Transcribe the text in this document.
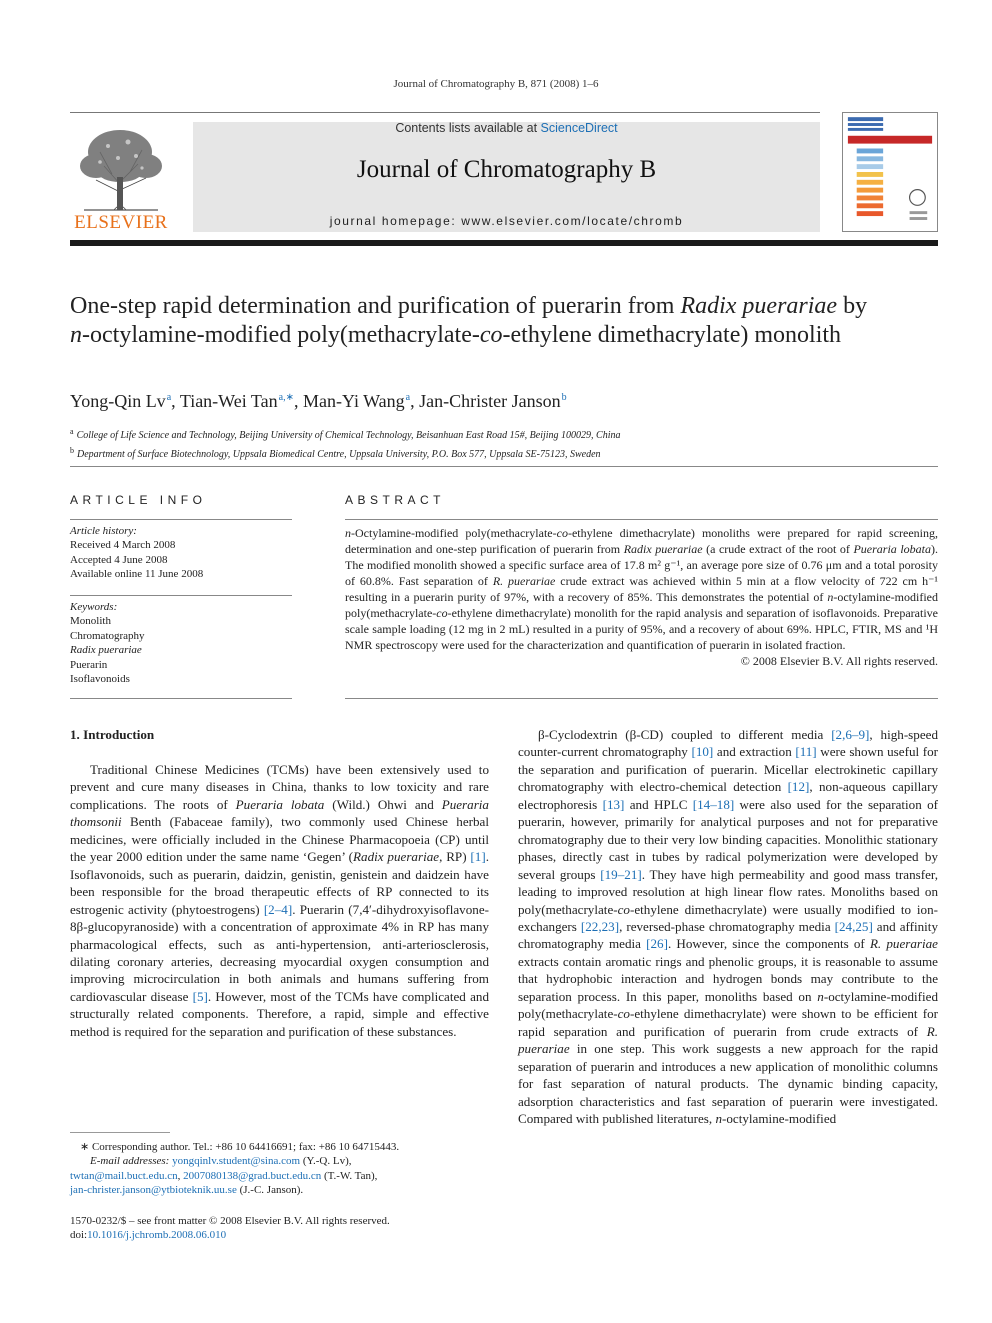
Journal of Chromatography B, 871 (2008) 1–6
ELSEVIER
Contents lists available at ScienceDirect
Journal of Chromatography B
journal homepage: www.elsevier.com/locate/chromb
One-step rapid determination and purification of puerarin from Radix puerariae by n-octylamine-modified poly(methacrylate-co-ethylene dimethacrylate) monolith
Yong-Qin Lv$^a$, Tian-Wei Tan$^{a,∗}$, Man-Yi Wang$^a$, Jan-Christer Janson$^b$
$^a$ College of Life Science and Technology, Beijing University of Chemical Technology, Beisanhuan East Road 15#, Beijing 100029, China
$^b$ Department of Surface Biotechnology, Uppsala Biomedical Centre, Uppsala University, P.O. Box 577, Uppsala SE-75123, Sweden
ARTICLE INFO
Article history:
Received 4 March 2008
Accepted 4 June 2008
Available online 11 June 2008
Keywords:
Monolith
Chromatography
Radix puerariae
Puerarin
Isoflavonoids
ABSTRACT
n-Octylamine-modified poly(methacrylate-co-ethylene dimethacrylate) monoliths were prepared for rapid screening, determination and one-step purification of puerarin from Radix puerariae (a crude extract of the root of Pueraria lobata). The modified monolith showed a specific surface area of 17.8 m² g⁻¹, an average pore size of 0.76 μm and a total porosity of 60.8%. Fast separation of R. puerariae crude extract was achieved within 5 min at a flow velocity of 722 cm h⁻¹ resulting in a puerarin purity of 97%, with a recovery of 85%. This demonstrates the potential of n-octylamine-modified poly(methacrylate-co-ethylene dimethacrylate) monolith for the rapid analysis and separation of isoflavonoids. Preparative scale sample loading (12 mg in 2 mL) resulted in a purity of 95%, and a recovery of about 69%. HPLC, FTIR, MS and ¹H NMR spectroscopy were used for the characterization and quantification of puerarin in isolated fraction.
© 2008 Elsevier B.V. All rights reserved.
1. Introduction

Traditional Chinese Medicines (TCMs) have been extensively used to prevent and cure many diseases in China, thanks to low toxicity and rare complications. The roots of Pueraria lobata (Wild.) Ohwi and Pueraria thomsonii Benth (Fabaceae family), two commonly used Chinese herbal medicines, were officially included in the Chinese Pharmacopoeia (CP) until the year 2000 edition under the same name ‘Gegen’ (Radix puerariae, RP) [1]. Isoflavonoids, such as puerarin, daidzin, genistin, genistein and daidzein have been responsible for the broad therapeutic effects of RP connected to its estrogenic activity (phytoestrogens) [2–4]. Puerarin (7,4′-dihydroxyisoflavone-8β-glucopyranoside) with a concentration of approximate 4% in RP has many pharmacological effects, such as anti-hypertension, anti-arteriosclerosis, dilating coronary arteries, decreasing myocardial oxygen consumption and improving microcirculation in both animals and humans suffering from cardiovascular disease [5]. However, most of the TCMs have complicated and structurally related components. Therefore, a rapid, simple and effective method is required for the separation and purification of these substances.

β-Cyclodextrin (β-CD) coupled to different media [2,6–9], high-speed counter-current chromatography [10] and extraction [11] were shown useful for the separation and purification of puerarin. Micellar electrokinetic capillary chromatography with electro-chemical detection [12], non-aqueous capillary electrophoresis [13] and HPLC [14–18] were also used for the separation of puerarin, however, primarily for analytical purposes and not for preparative chromatography due to their very low binding capacities. Monolithic stationary phases, directly cast in tubes by radical polymerization were developed by several groups [19–21]. They have high permeability and good mass transfer, leading to improved resolution at high linear flow rates. Monoliths based on poly(methacrylate-co-ethylene dimethacrylate) were usually modified to ion-exchangers [22,23], reversed-phase chromatography media [24,25] and affinity chromatography media [26]. However, since the components of R. puerariae extracts contain aromatic rings and phenolic groups, it is reasonable to assume that hydrophobic interaction and hydrogen bonds may contribute to the separation process. In this paper, monoliths based on n-octylamine-modified poly(methacrylate-co-ethylene dimethacrylate) were shown to be efficient for rapid separation and purification of puerarin from crude extracts of R. puerariae in one step. This work suggests a new approach for the rapid separation of puerarin and introduces a new application of monolithic columns for fast separation of natural products. The dynamic binding capacity, adsorption characteristics and fast separation of puerarin were investigated. Compared with published literatures, n-octylamine-modified

∗ Corresponding author. Tel.: +86 10 64416691; fax: +86 10 64715443.
E-mail addresses: yongqinlv.student@sina.com (Y.-Q. Lv),
twtan@mail.buct.edu.cn, 2007080138@grad.buct.edu.cn (T.-W. Tan),
jan-christer.janson@ytbioteknik.uu.se (J.-C. Janson).
1570-0232/$ – see front matter © 2008 Elsevier B.V. All rights reserved.
doi:10.1016/j.jchromb.2008.06.010
